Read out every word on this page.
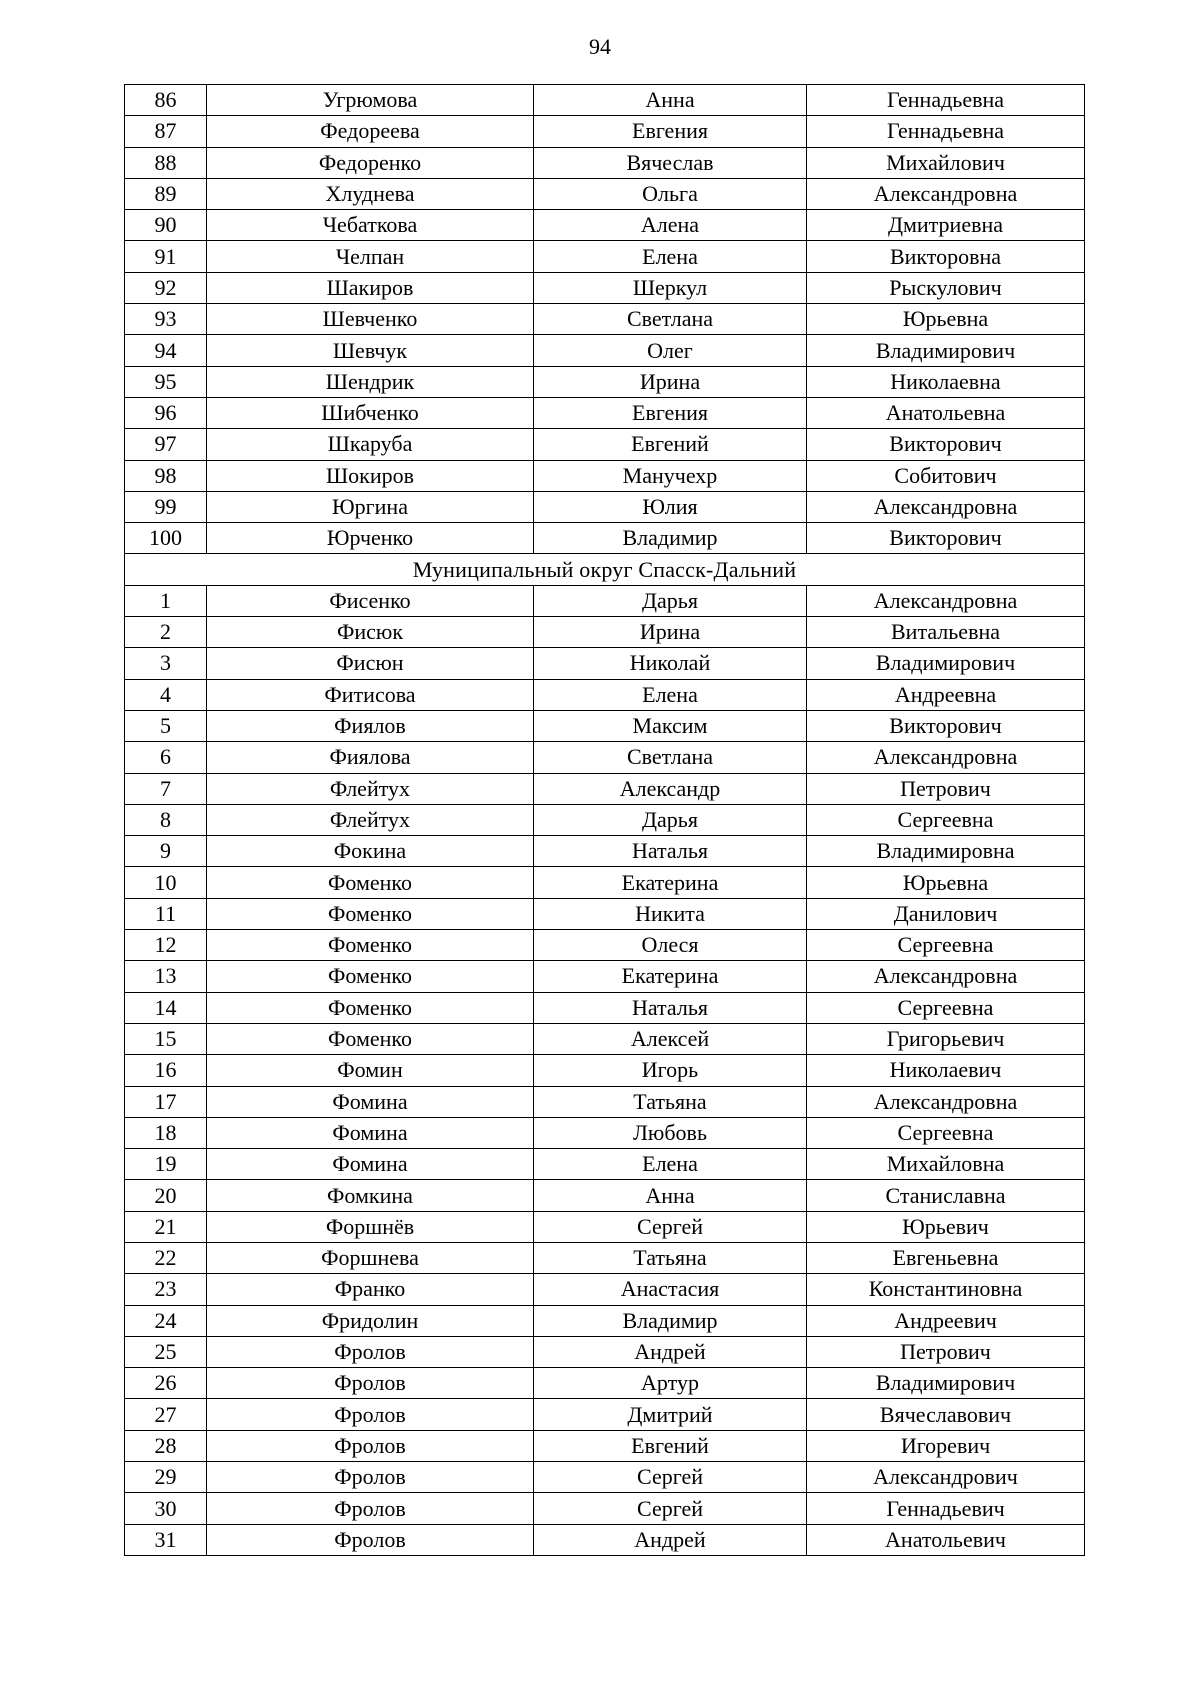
94
86	Угрюмова	Анна	Геннадьевна
87	Федореева	Евгения	Геннадьевна
88	Федоренко	Вячеслав	Михайлович
89	Хлуднева	Ольга	Александровна
90	Чебаткова	Алена	Дмитриевна
91	Челпан	Елена	Викторовна
92	Шакиров	Шеркул	Рыскулович
93	Шевченко	Светлана	Юрьевна
94	Шевчук	Олег	Владимирович
95	Шендрик	Ирина	Николаевна
96	Шибченко	Евгения	Анатольевна
97	Шкаруба	Евгений	Викторович
98	Шокиров	Манучехр	Собитович
99	Юргина	Юлия	Александровна
100	Юрченко	Владимир	Викторович
Муниципальный округ Спасск-Дальний			
1	Фисенко	Дарья	Александровна
2	Фисюк	Ирина	Витальевна
3	Фисюн	Николай	Владимирович
4	Фитисова	Елена	Андреевна
5	Фиялов	Максим	Викторович
6	Фиялова	Светлана	Александровна
7	Флейтух	Александр	Петрович
8	Флейтух	Дарья	Сергеевна
9	Фокина	Наталья	Владимировна
10	Фоменко	Екатерина	Юрьевна
11	Фоменко	Никита	Данилович
12	Фоменко	Олеся	Сергеевна
13	Фоменко	Екатерина	Александровна
14	Фоменко	Наталья	Сергеевна
15	Фоменко	Алексей	Григорьевич
16	Фомин	Игорь	Николаевич
17	Фомина	Татьяна	Александровна
18	Фомина	Любовь	Сергеевна
19	Фомина	Елена	Михайловна
20	Фомкина	Анна	Станиславна
21	Форшнёв	Сергей	Юрьевич
22	Форшнева	Татьяна	Евгеньевна
23	Франко	Анастасия	Константиновна
24	Фридолин	Владимир	Андреевич
25	Фролов	Андрей	Петрович
26	Фролов	Артур	Владимирович
27	Фролов	Дмитрий	Вячеславович
28	Фролов	Евгений	Игоревич
29	Фролов	Сергей	Александрович
30	Фролов	Сергей	Геннадьевич
31	Фролов	Андрей	Анатольевич
